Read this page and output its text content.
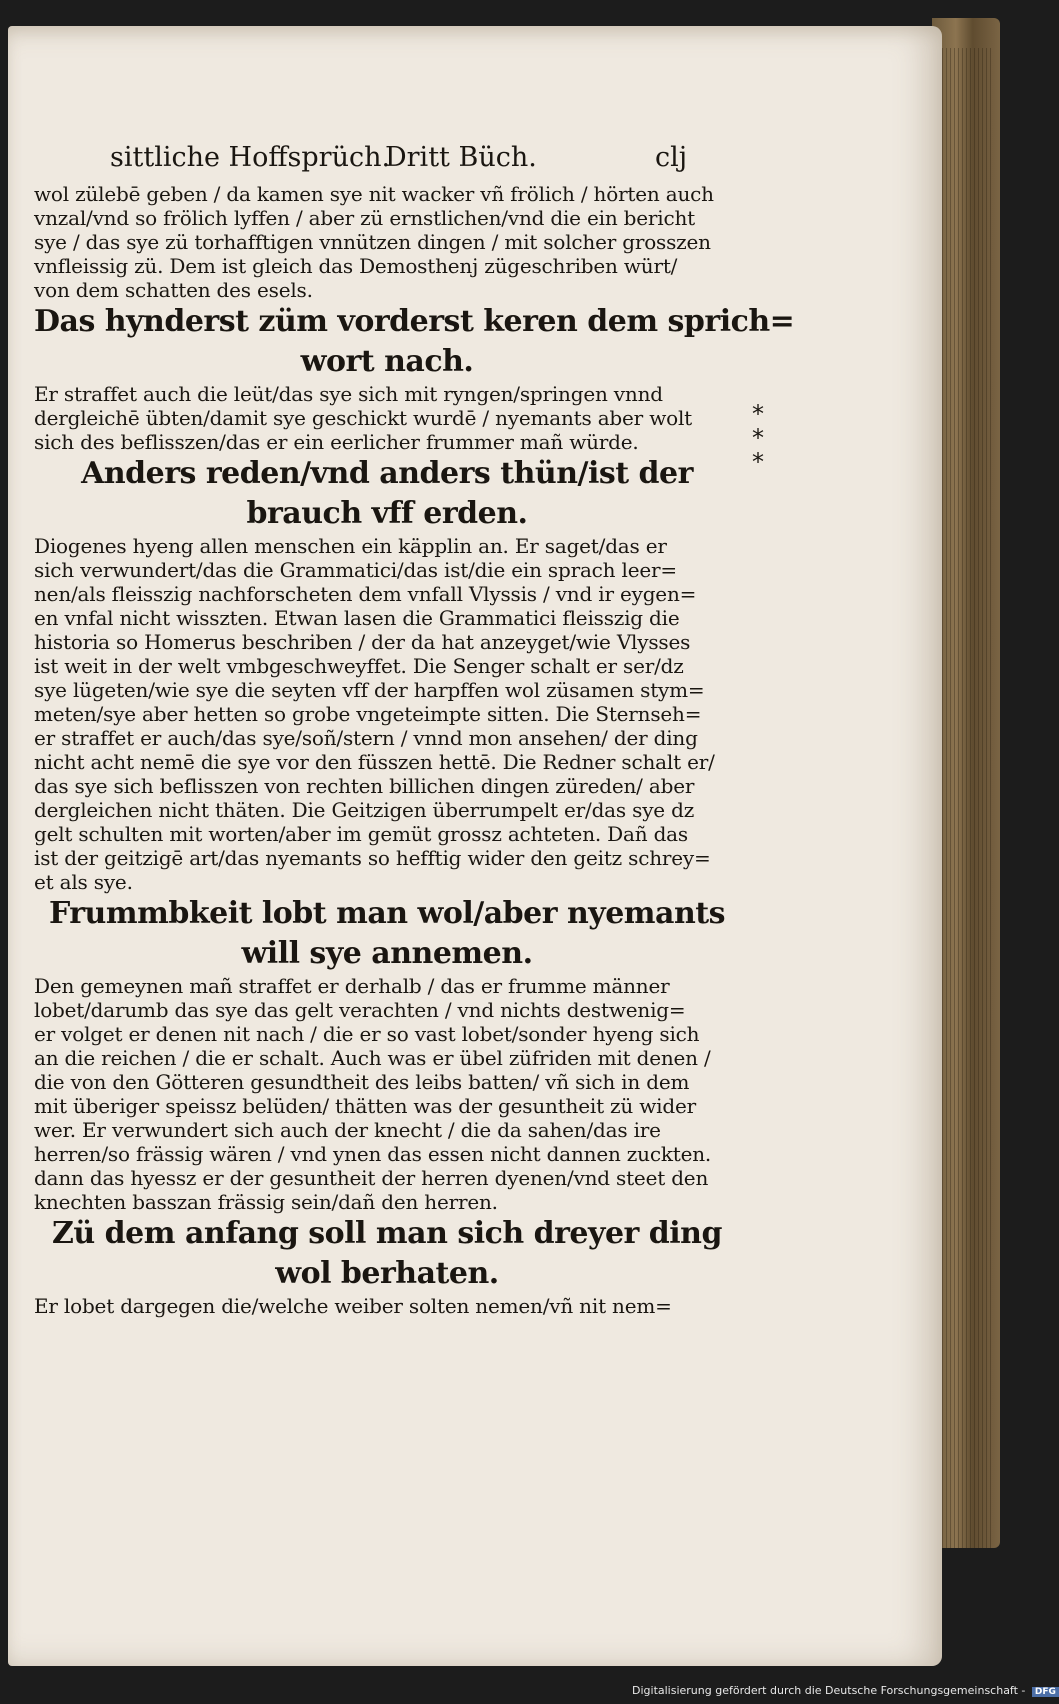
sittliche Hoffsprüch.
Dritt Büch.	clj
wol zülebē geben / da kamen sye nit wacker vñ frölich / hörten auch
vnzal/vnd so frölich lyffen / aber zü ernstlichen/vnd die ein bericht
sye / das sye zü torhafftigen vnnützen dingen / mit solcher grosszen
vnfleissig zü. Dem ist gleich das Demosthenj zügeschriben würt/
von dem schatten des esels.
Das hynderst züm vorderst keren dem sprich=
wort nach.
Er straffet auch die leüt/das sye sich mit ryngen/springen vnnd
dergleichē übten/damit sye geschickt wurdē / nyemants aber wolt
sich des beflisszen/das er ein eerlicher frummer mañ würde.
Anders reden/vnd anders thün/ist der
brauch vff erden.
Diogenes hyeng allen menschen ein käpplin an. Er saget/das er
sich verwundert/das die Grammatici/das ist/die ein sprach leer=
nen/als fleisszig nachforscheten dem vnfall Vlyssis / vnd ir eygen=
en vnfal nicht wisszten. Etwan lasen die Grammatici fleisszig die
historia so Homerus beschriben / der da hat anzeyget/wie Vlysses
ist weit in der welt vmbgeschweyffet. Die Senger schalt er ser/dz
sye lügeten/wie sye die seyten vff der harpffen wol züsamen stym=
meten/sye aber hetten so grobe vngeteimpte sitten. Die Sternseh=
er straffet er auch/das sye/soñ/stern / vnnd mon ansehen/ der ding
nicht acht nemē die sye vor den füsszen hettē. Die Redner schalt er/
das sye sich beflisszen von rechten billichen dingen züreden/ aber
dergleichen nicht thäten. Die Geitzigen überrumpelt er/das sye dz
gelt schulten mit worten/aber im gemüt grossz achteten. Dañ das
ist der geitzigē art/das nyemants so hefftig wider den geitz schrey=
et als sye.
Frummbkeit lobt man wol/aber nyemants
will sye annemen.
Den gemeynen mañ straffet er derhalb / das er frumme männer
lobet/darumb das sye das gelt verachten / vnd nichts destwenig=
er volget er denen nit nach / die er so vast lobet/sonder hyeng sich
an die reichen / die er schalt. Auch was er übel züfriden mit denen /
die von den Götteren gesundtheit des leibs batten/ vñ sich in dem
mit überiger speissz belüden/ thätten was der gesuntheit zü wider
wer. Er verwundert sich auch der knecht / die da sahen/das ire
herren/so frässig wären / vnd ynen das essen nicht dannen zuckten.
dann das hyessz er der gesuntheit der herren dyenen/vnd steet den
knechten basszan frässig sein/dañ den herren.
Zü dem anfang soll man sich dreyer ding
wol berhaten.
Er lobet dargegen die/welche weiber solten nemen/vñ nit nem=
*
*
*
Digitalisierung gefördert durch die Deutsche Forschungsgemeinschaft - DFG
